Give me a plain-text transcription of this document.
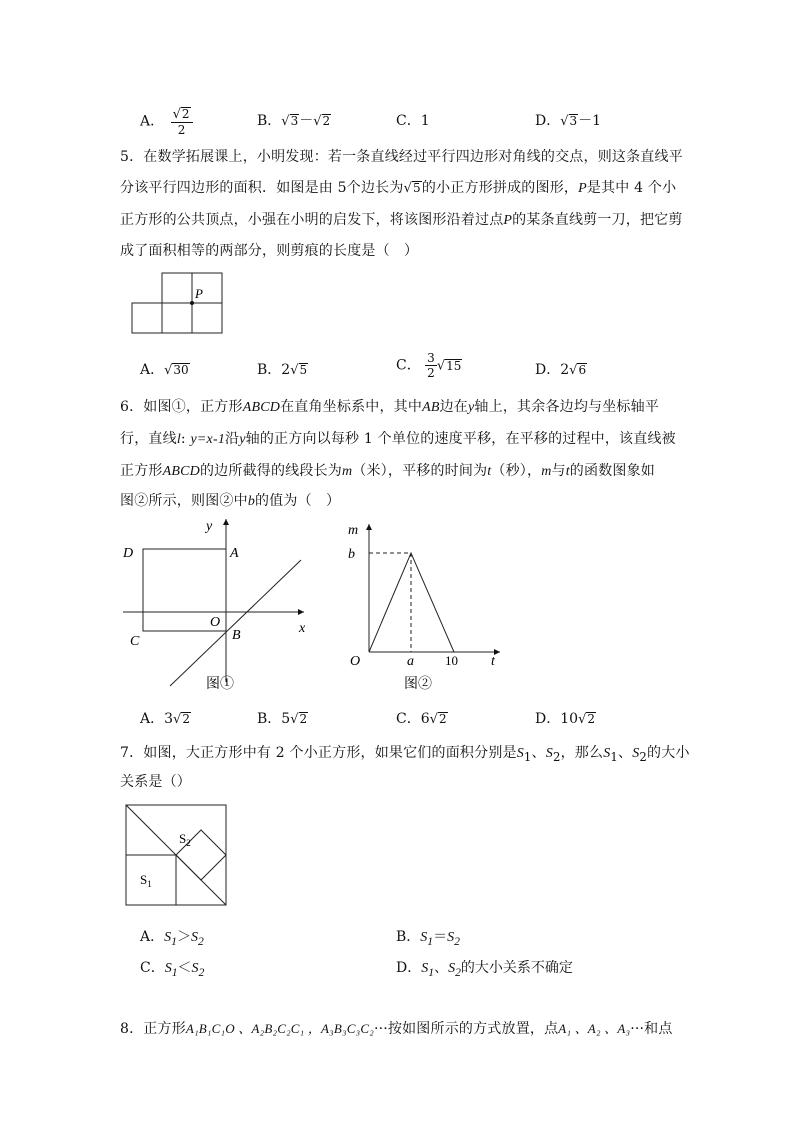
A． $\frac{√2}{2}$	B．√3－√2	C．1	D．√3－1
5．在数学拓展课上，小明发现：若一条直线经过平行四边形对角线的交点，则这条直线平
分该平行四边形的面积．如图是由 5个边长为√5的小正方形拼成的图形，P是其中 4 个小
正方形的公共顶点，小强在小明的启发下，将该图形沿着过点P的某条直线剪一刀，把它剪
成了面积相等的两部分，则剪痕的长度是（　）
P
A．√30	B．2√5	C． $\frac{3}{2} √15$	D．2√6
6．如图①，正方形ABCD在直角坐标系中，其中AB边在y轴上，其余各边均与坐标轴平
行，直线l: y=x-1沿y轴的正方向以每秒 1 个单位的速度平移，在平移的过程中，该直线被
正方形ABCD的边所截得的线段长为m（米），平移的时间为t（秒），m与t的函数图象如
图②所示，则图②中b的值为（　）
y
x
D	A
O
B
C
图①
m
b
O	a 10 t
图②
A．3√2	B．5√2	C．6√2	D．10√2
7．如图，大正方形中有 2 个小正方形，如果它们的面积分别是$S_1$、$S_2$，那么$S_1$、$S_2$的大小
关系是（）
$S_1$
$S_2$
A．$S_1>S_2$	B．$S_1=S_2$
C．$S_1<S_2$	D．$S_1$、$S_2$的大小关系不确定
8．正方形A₁B₁C₁O 、A₂B₂C₂C₁ ，A₃B₃C₃C₂···按如图所示的方式放置，点A₁ 、A₂ 、A₃···和点
